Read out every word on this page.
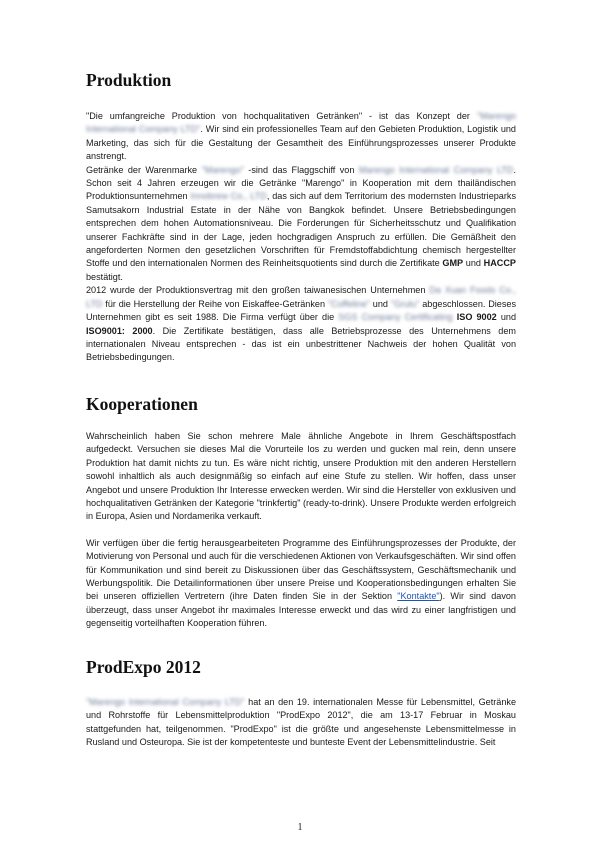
Produktion

"Die umfangreiche Produktion von hochqualitativen Getränken" - ist das Konzept der "Marengo International Company LTD". Wir sind ein professionelles Team auf den Gebieten Produktion, Logistik und Marketing, das sich für die Gestaltung der Gesamtheit des Einführungsprozesses unserer Produkte anstrengt.

Getränke der Warenmarke "Marengo" -sind das Flaggschiff von Marengo International Company LTD. Schon seit 4 Jahren erzeugen wir die Getränke "Marengo" in Kooperation mit dem thailändischen Produktionsunternehmen Innobrew Co., LTD, das sich auf dem Territorium des modernsten Industrieparks Samutsakorn Industrial Estate in der Nähe von Bangkok befindet. Unsere Betriebsbedingungen entsprechen dem hohen Automationsniveau. Die Forderungen für Sicherheitsschutz und Qualifikation unserer Fachkräfte sind in der Lage, jeden hochgradigen Anspruch zu erfüllen. Die Gemäßheit den angeforderten Normen den gesetzlichen Vorschriften für Fremdstoffabdichtung chemisch hergestellter Stoffe und den internationalen Normen des Reinheitsquotients sind durch die Zertifikate GMP und HACCP bestätigt.

2012 wurde der Produktionsvertrag mit den großen taiwanesischen Unternehmen Da Xuan Foods Co., LTD für die Herstellung der Reihe von Eiskaffee-Getränken "Coffeline" und "Grulu" abgeschlossen. Dieses Unternehmen gibt es seit 1988. Die Firma verfügt über die SGS Company Certificating ISO 9002 und ISO9001: 2000. Die Zertifikate bestätigen, dass alle Betriebsprozesse des Unternehmens dem internationalen Niveau entsprechen - das ist ein unbestrittener Nachweis der hohen Qualität von Betriebsbedingungen.

Kooperationen

Wahrscheinlich haben Sie schon mehrere Male ähnliche Angebote in Ihrem Geschäftspostfach aufgedeckt. Versuchen sie dieses Mal die Vorurteile los zu werden und gucken mal rein, denn unsere Produktion hat damit nichts zu tun. Es wäre nicht richtig, unsere Produktion mit den anderen Herstellern sowohl inhaltlich als auch designmäßig so einfach auf eine Stufe zu stellen. Wir hoffen, dass unser Angebot und unsere Produktion Ihr Interesse erwecken werden. Wir sind die Hersteller von exklusiven und hochqualitativen Getränken der Kategorie "trinkfertig" (ready-to-drink). Unsere Produkte werden erfolgreich in Europa, Asien und Nordamerika verkauft.

Wir verfügen über die fertig herausgearbeiteten Programme des Einführungsprozesses der Produkte, der Motivierung von Personal und auch für die verschiedenen Aktionen von Verkaufsgeschäften. Wir sind offen für Kommunikation und sind bereit zu Diskussionen über das Geschäftssystem, Geschäftsmechanik und Werbungspolitik. Die Detailinformationen über unsere Preise und Kooperationsbedingungen erhalten Sie bei unseren offiziellen Vertretern (ihre Daten finden Sie in der Sektion "Kontakte"). Wir sind davon überzeugt, dass unser Angebot ihr maximales Interesse erweckt und das wird zu einer langfristigen und gegenseitig vorteilhaften Kooperation führen.

ProdExpo 2012

"Marengo International Company LTD" hat an den 19. internationalen Messe für Lebensmittel, Getränke und Rohrstoffe für Lebensmittelproduktion "ProdExpo 2012", die am 13-17 Februar in Moskau stattgefunden hat, teilgenommen. "ProdExpo" ist die größte und angesehenste Lebensmittelmesse in Rusland und Osteuropa. Sie ist der kompetenteste und bunteste Event der Lebensmittelindustrie. Seit

1
